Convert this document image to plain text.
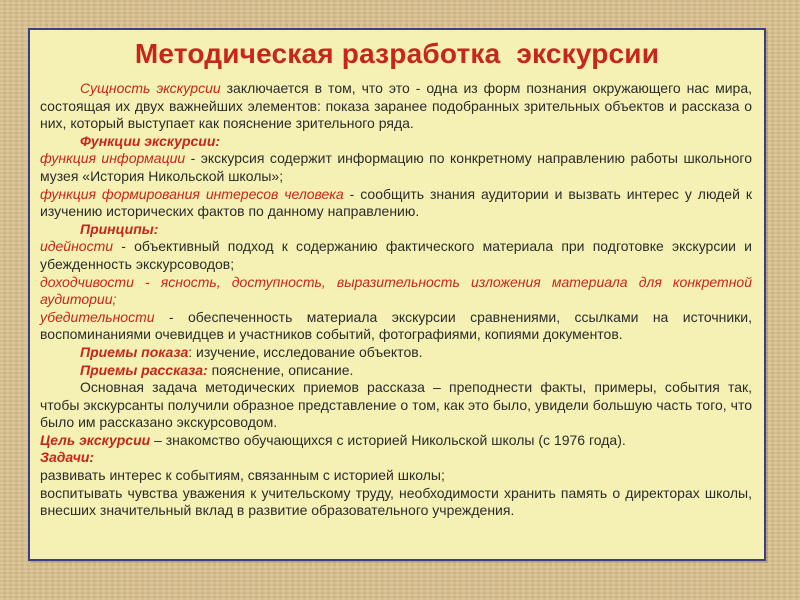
Методическая разработка  экскурсии

Сущность экскурсии заключается в том, что это - одна из форм познания окружающего нас мира, состоящая их двух важнейших элементов: показа заранее подобранных зрительных объектов и рассказа о них, который выступает как пояснение зрительного ряда.

Функции экскурсии:

функция информации - экскурсия содержит информацию по конкретному направлению работы школьного музея «История Никольской школы»;

функция формирования интересов человека - сообщить знания аудитории и вызвать интерес у людей к изучению исторических фактов по данному направлению.

Принципы:

идейности - объективный подход к содержанию фактического материала при подготовке экскурсии и убежденность экскурсоводов;

доходчивости - ясность, доступность, выразительность изложения материала для конкретной аудитории;

убедительности - обеспеченность материала экскурсии сравнениями, ссылками на источники, воспоминаниями очевидцев и участников событий, фотографиями, копиями документов.

Приемы показа: изучение, исследование объектов.

Приемы рассказа: пояснение, описание.

Основная задача методических приемов рассказа – преподнести факты, примеры, события так, чтобы экскурсанты получили образное представление о том, как это было, увидели большую часть того, что было им рассказано экскурсоводом.

Цель экскурсии – знакомство обучающихся с историей Никольской школы (с 1976 года).

Задачи:

развивать интерес к событиям, связанным с историей школы;

воспитывать чувства уважения к учительскому труду, необходимости хранить память о директорах школы, внесших значительный вклад в развитие образовательного учреждения.
